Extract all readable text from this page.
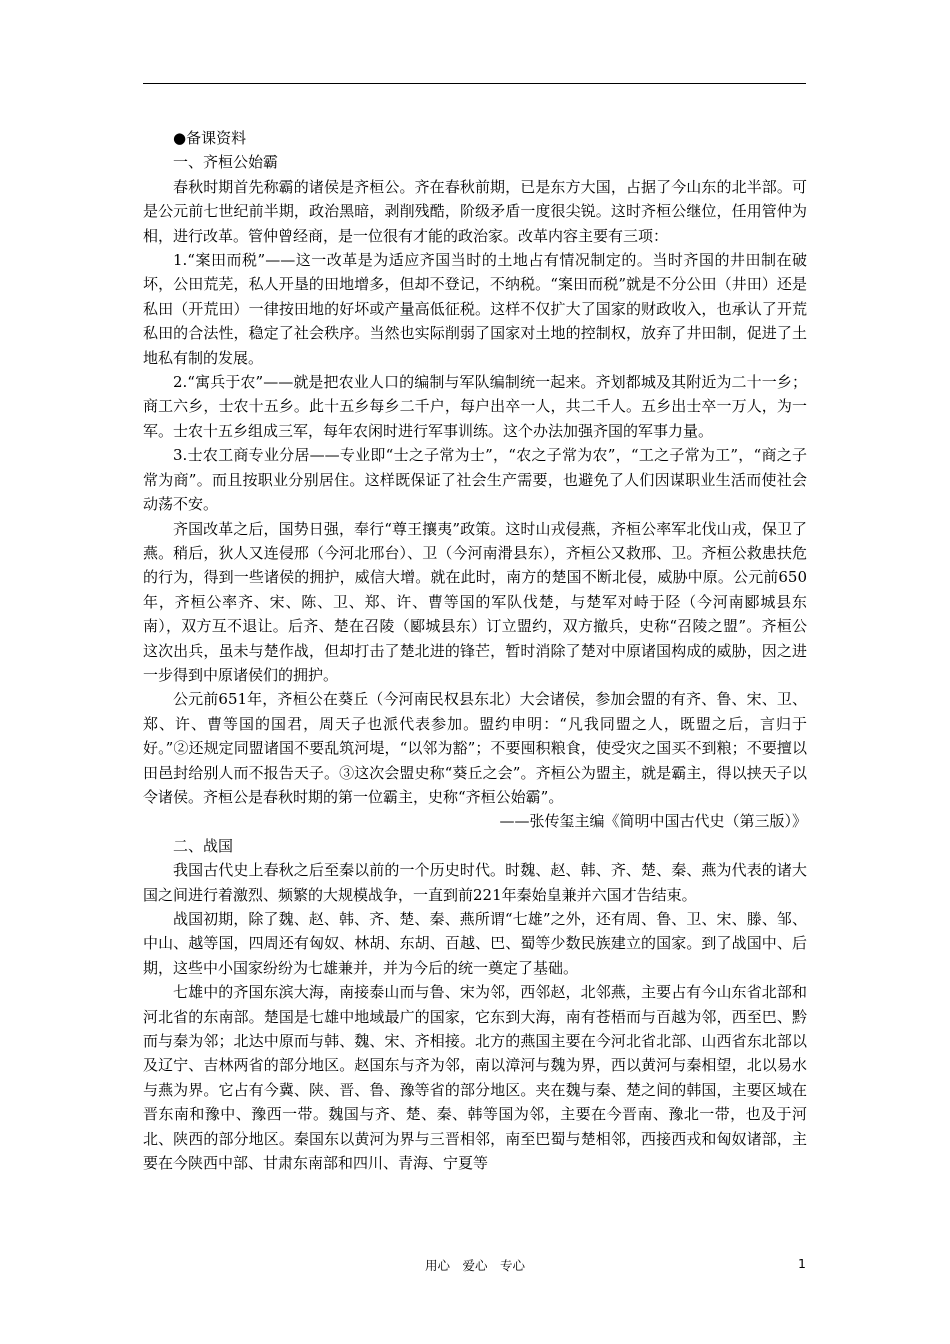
●备课资料

一、齐桓公始霸

春秋时期首先称霸的诸侯是齐桓公。齐在春秋前期，已是东方大国，占据了今山东的北半部。可是公元前七世纪前半期，政治黑暗，剥削残酷，阶级矛盾一度很尖锐。这时齐桓公继位，任用管仲为相，进行改革。管仲曾经商，是一位很有才能的政治家。改革内容主要有三项：

1.“案田而税”——这一改革是为适应齐国当时的土地占有情况制定的。当时齐国的井田制在破坏，公田荒芜，私人开垦的田地增多，但却不登记，不纳税。“案田而税”就是不分公田（井田）还是私田（开荒田）一律按田地的好坏或产量高低征税。这样不仅扩大了国家的财政收入，也承认了开荒私田的合法性，稳定了社会秩序。当然也实际削弱了国家对土地的控制权，放弃了井田制，促进了土地私有制的发展。

2.“寓兵于农”——就是把农业人口的编制与军队编制统一起来。齐划都城及其附近为二十一乡；商工六乡，士农十五乡。此十五乡每乡二千户，每户出卒一人，共二千人。五乡出士卒一万人，为一军。士农十五乡组成三军，每年农闲时进行军事训练。这个办法加强齐国的军事力量。

3.士农工商专业分居——专业即“士之子常为士”，“农之子常为农”，“工之子常为工”，“商之子常为商”。而且按职业分别居住。这样既保证了社会生产需要，也避免了人们因谋职业生活而使社会动荡不安。

齐国改革之后，国势日强，奉行“尊王攘夷”政策。这时山戎侵燕，齐桓公率军北伐山戎，保卫了燕。稍后，狄人又连侵邢（今河北邢台）、卫（今河南滑县东），齐桓公又救邢、卫。齐桓公救患扶危的行为，得到一些诸侯的拥护，威信大增。就在此时，南方的楚国不断北侵，威胁中原。公元前650年，齐桓公率齐、宋、陈、卫、郑、许、曹等国的军队伐楚，与楚军对峙于陉（今河南郾城县东南），双方互不退让。后齐、楚在召陵（郾城县东）订立盟约，双方撤兵，史称“召陵之盟”。齐桓公这次出兵，虽未与楚作战，但却打击了楚北进的锋芒，暂时消除了楚对中原诸国构成的威胁，因之进一步得到中原诸侯们的拥护。

公元前651年，齐桓公在葵丘（今河南民权县东北）大会诸侯，参加会盟的有齐、鲁、宋、卫、郑、许、曹等国的国君，周天子也派代表参加。盟约申明：“凡我同盟之人，既盟之后，言归于好。”②还规定同盟诸国不要乱筑河堤，“以邻为豁”；不要囤积粮食，使受灾之国买不到粮；不要擅以田邑封给别人而不报告天子。③这次会盟史称“葵丘之会”。齐桓公为盟主，就是霸主，得以挟天子以令诸侯。齐桓公是春秋时期的第一位霸主，史称“齐桓公始霸”。

——张传玺主编《简明中国古代史（第三版）》

二、战国

我国古代史上春秋之后至秦以前的一个历史时代。时魏、赵、韩、齐、楚、秦、燕为代表的诸大国之间进行着激烈、频繁的大规模战争，一直到前221年秦始皇兼并六国才告结束。

战国初期，除了魏、赵、韩、齐、楚、秦、燕所谓“七雄”之外，还有周、鲁、卫、宋、滕、邹、中山、越等国，四周还有匈奴、林胡、东胡、百越、巴、蜀等少数民族建立的国家。到了战国中、后期，这些中小国家纷纷为七雄兼并，并为今后的统一奠定了基础。

七雄中的齐国东滨大海，南接泰山而与鲁、宋为邻，西邻赵，北邻燕，主要占有今山东省北部和河北省的东南部。楚国是七雄中地域最广的国家，它东到大海，南有苍梧而与百越为邻，西至巴、黔而与秦为邻；北达中原而与韩、魏、宋、齐相接。北方的燕国主要在今河北省北部、山西省东北部以及辽宁、吉林两省的部分地区。赵国东与齐为邻，南以漳河与魏为界，西以黄河与秦相望，北以易水与燕为界。它占有今冀、陕、晋、鲁、豫等省的部分地区。夹在魏与秦、楚之间的韩国，主要区域在晋东南和豫中、豫西一带。魏国与齐、楚、秦、韩等国为邻，主要在今晋南、豫北一带，也及于河北、陕西的部分地区。秦国东以黄河为界与三晋相邻，南至巴蜀与楚相邻，西接西戎和匈奴诸部，主要在今陕西中部、甘肃东南部和四川、青海、宁夏等

用心　爱心　专心	1
